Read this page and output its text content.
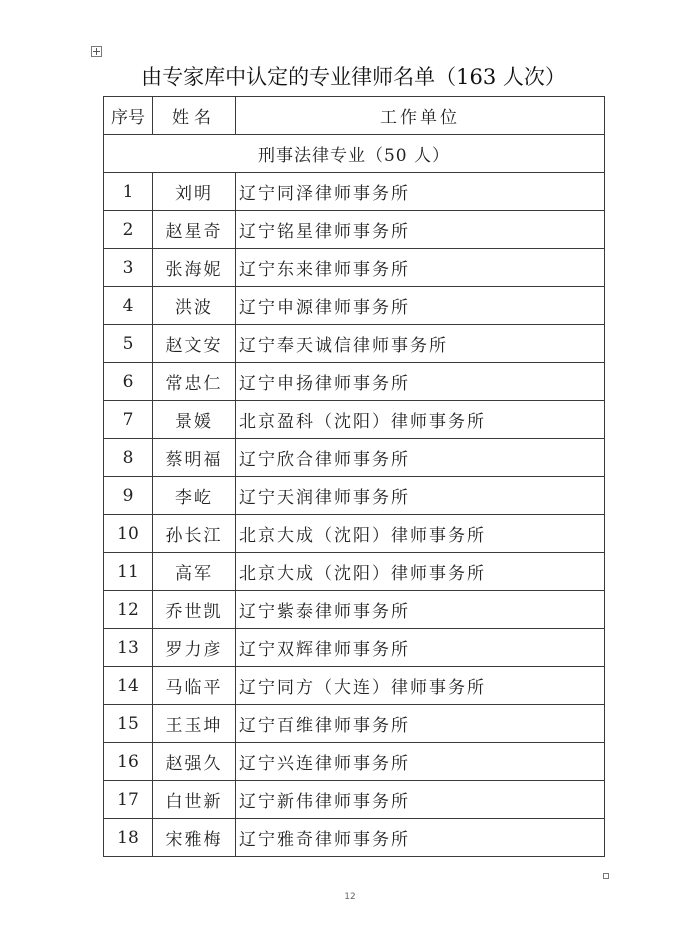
由专家库中认定的专业律师名单（163 人次）
序号	姓名	工作单位
刑事法律专业（50 人）		
1	刘明	辽宁同泽律师事务所
2	赵星奇	辽宁铭星律师事务所
3	张海妮	辽宁东来律师事务所
4	洪波	辽宁申源律师事务所
5	赵文安	辽宁奉天诚信律师事务所
6	常忠仁	辽宁申扬律师事务所
7	景媛	北京盈科（沈阳）律师事务所
8	蔡明福	辽宁欣合律师事务所
9	李屹	辽宁天润律师事务所
10	孙长江	北京大成（沈阳）律师事务所
11	高军	北京大成（沈阳）律师事务所
12	乔世凯	辽宁紫泰律师事务所
13	罗力彦	辽宁双辉律师事务所
14	马临平	辽宁同方（大连）律师事务所
15	王玉坤	辽宁百维律师事务所
16	赵强久	辽宁兴连律师事务所
17	白世新	辽宁新伟律师事务所
18	宋雅梅	辽宁雅奇律师事务所
12
